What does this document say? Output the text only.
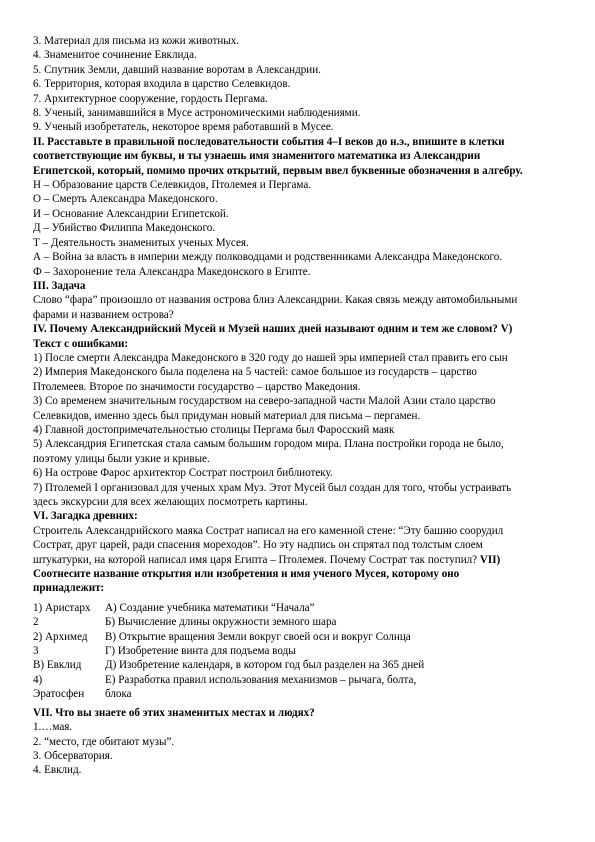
3. Материал для письма из кожи животных.
4. Знаменитое сочинение Евклида.
5. Спутник Земли, давший название воротам в Александрии.
6. Территория, которая входила в царство Селевкидов.
7. Архитектурное сооружение, гордость Пергама.
8. Ученый, занимавшийся в Мусе астрономическими наблюдениями.
9. Ученый изобретатель, некоторое время работавший в Мусее.
II. Расставьте в правильной последовательности события 4–I веков до н.э., впишите в клетки
соответствующие им буквы, и ты узнаешь имя знаменитого математика из Александрии
Египетской, который, помимо прочих открытий, первым ввел буквенные обозначения в алгебру.
Н – Образование царств Селевкидов, Птолемея и Пергама.
О – Смерть Александра Македонского.
И – Основание Александрии Египетской.
Д – Убийство Филиппа Македонского.
Т – Деятельность знаменитых ученых Мусея.
А – Война за власть в империи между полководцами и родственниками Александра Македонского.
Ф – Захоронение тела Александра Македонского в Египте.
III. Задача
Слово “фара” произошло от названия острова близ Александрии. Какая связь между автомобильными
фарами и названием острова?
IV. Почему Александрийский Мусей и Музей наших дней называют одним и тем же словом? V)
Текст с ошибками:
1) После смерти Александра Македонского в 320 году до нашей эры империей стал править его сын
2) Империя Македонского была поделена на 5 частей: самое большое из государств – царство
Птолемеев. Второе по значимости государство – царство Македония.
3) Со временем значительным государством на северо-западной части Малой Азии стало царство
Селевкидов, именно здесь был придуман новый материал для письма – пергамен.
4) Главной достопримечательностью столицы Пергама был Фаросский маяк
5) Александрия Египетская стала самым большим городом мира. Плана постройки города не было,
поэтому улицы были узкие и кривые.
6) На острове Фарос архитектор Сострат построил библиотеку.
7) Птолемей I организовал для ученых храм Муз. Этот Мусей был создан для того, чтобы устраивать
здесь экскурсии для всех желающих посмотреть картины.
VI. Загадка древних:
Строитель Александрийского маяка Сострат написал на его каменной стене: “Эту башню соорудил
Сострат, друг царей, ради спасения мореходов”. Но эту надпись он спрятал под толстым слоем
штукатурки, на которой написал имя царя Египта – Птолемея. Почему Сострат так поступил? VII)
Соотнесите название открытия или изобретения и имя ученого Мусея, которому оно
принадлежит:
1) Аристарх	А) Создание учебника математики “Начала”
2	Б) Вычисление длины окружности земного шара
2) Архимед	В) Открытие вращения Земли вокруг своей оси и вокруг Солнца
3	Г) Изобретение винта для подъема воды
В) Евклид	Д) Изобретение календаря, в котором год был разделен на 365 дней
4)	Е) Разработка правил использования механизмов – рычага, болта,
Эратосфен	блока
VII. Что вы знаете об этих знаменитых местах и людях?
1.…мая.
2. “место, где обитают музы”.
3. Обсерватория.
4. Евклид.
